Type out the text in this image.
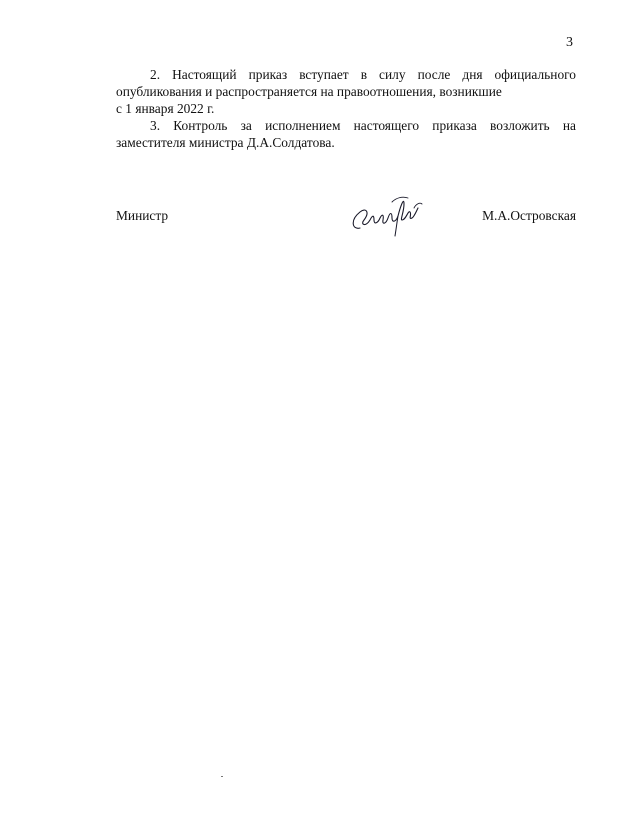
3

2. Настоящий приказ вступает в силу после дня официального опубликования и распространяется на правоотношения, возникшие

с 1 января 2022 г.

3. Контроль за исполнением настоящего приказа возложить на заместителя министра Д.А.Солдатова.

Министр	М.А.Островская
